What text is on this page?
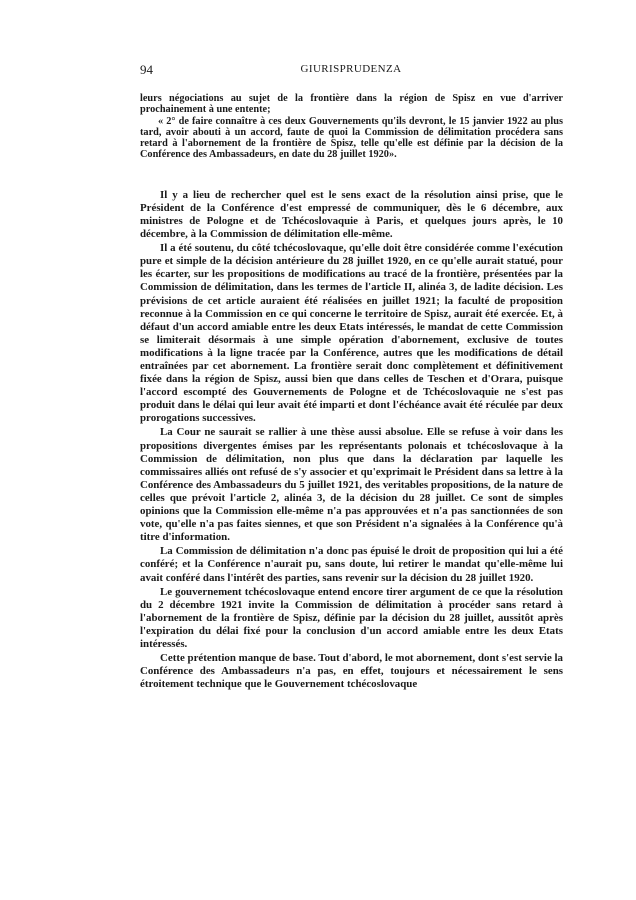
94	GIURISPRUDENZA

leurs négociations au sujet de la frontière dans la région de Spisz en vue d'arriver prochainement à une entente;

« 2° de faire connaître à ces deux Gouvernements qu'ils devront, le 15 janvier 1922 au plus tard, avoir abouti à un accord, faute de quoi la Commission de délimitation procédera sans retard à l'abornement de la frontière de Spisz, telle qu'elle est définie par la décision de la Conférence des Ambassadeurs, en date du 28 juillet 1920».

Il y a lieu de rechercher quel est le sens exact de la résolution ainsi prise, que le Président de la Conférence d'est empressé de communiquer, dès le 6 décembre, aux ministres de Pologne et de Tchécoslovaquie à Paris, et quelques jours après, le 10 décembre, à la Commission de délimitation elle-même.

Il a été soutenu, du côté tchécoslovaque, qu'elle doit être considérée comme l'exécution pure et simple de la décision antérieure du 28 juillet 1920, en ce qu'elle aurait statué, pour les écarter, sur les propositions de modifications au tracé de la frontière, présentées par la Commission de délimitation, dans les termes de l'article II, alinéa 3, de ladite décision. Les prévisions de cet article auraient été réalisées en juillet 1921; la faculté de proposition reconnue à la Commission en ce qui concerne le territoire de Spisz, aurait été exercée. Et, à défaut d'un accord amiable entre les deux Etats intéressés, le mandat de cette Commission se limiterait désormais à une simple opération d'abornement, exclusive de toutes modifications à la ligne tracée par la Conférence, autres que les modifications de détail entraînées par cet abornement. La frontière serait donc complètement et définitivement fixée dans la région de Spisz, aussi bien que dans celles de Teschen et d'Orara, puisque l'accord escompté des Gouvernements de Pologne et de Tchécoslovaquie ne s'est pas produit dans le délai qui leur avait été imparti et dont l'échéance avait été réculée par deux prorogations successives.

La Cour ne saurait se rallier à une thèse aussi absolue. Elle se refuse à voir dans les propositions divergentes émises par les représentants polonais et tchécoslovaque à la Commission de délimitation, non plus que dans la déclaration par laquelle les commissaires alliés ont refusé de s'y associer et qu'exprimait le Président dans sa lettre à la Conférence des Ambassadeurs du 5 juillet 1921, des veritables propositions, de la nature de celles que prévoit l'article 2, alinéa 3, de la décision du 28 juillet. Ce sont de simples opinions que la Commission elle-même n'a pas approuvées et n'a pas sanctionnées de son vote, qu'elle n'a pas faites siennes, et que son Président n'a signalées à la Conférence qu'à titre d'information.

La Commission de délimitation n'a donc pas épuisé le droit de proposition qui lui a été conféré; et la Conférence n'aurait pu, sans doute, lui retirer le mandat qu'elle-même lui avait conféré dans l'intérêt des parties, sans revenir sur la décision du 28 juillet 1920.

Le gouvernement tchécoslovaque entend encore tirer argument de ce que la résolution du 2 décembre 1921 invite la Commission de délimitation à procéder sans retard à l'abornement de la frontière de Spisz, définie par la décision du 28 juillet, aussitôt après l'expiration du délai fixé pour la conclusion d'un accord amiable entre les deux Etats intéressés.

Cette prétention manque de base. Tout d'abord, le mot abornement, dont s'est servie la Conférence des Ambassadeurs n'a pas, en effet, toujours et nécessairement le sens étroitement technique que le Gouvernement tchécoslovaque
